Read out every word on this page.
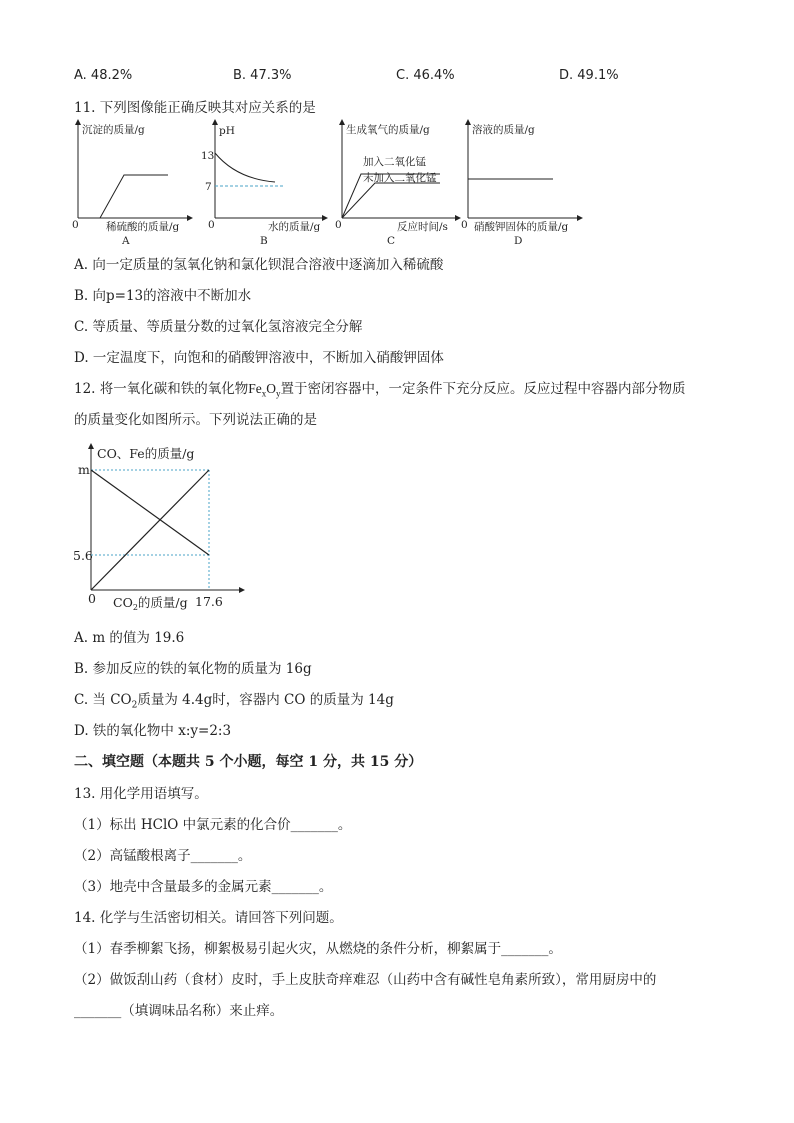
A. 48.2%	B. 47.3%	C. 46.4%	D. 49.1%
11. 下列图像能正确反映其对应关系的是
沉淀的质量/g
0	稀硫酸的质量/g
A
pH
13
7
0	水的质量/g
B
生成氧气的质量/g
加入二氧化锰
未加入二氧化锰
0	反应时间/s
C
溶液的质量/g
0 硝酸钾固体的质量/g
D
A. 向一定质量的氢氧化钠和氯化钡混合溶液中逐滴加入稀硫酸
B. 向p=13的溶液中不断加水
C. 等质量、等质量分数的过氧化氢溶液完全分解
D. 一定温度下，向饱和的硝酸钾溶液中，不断加入硝酸钾固体
12. 将一氧化碳和铁的氧化物$Fe_xO_y$置于密闭容器中，一定条件下充分反应。反应过程中容器内部分物质
的质量变化如图所示。下列说法正确的是
CO、Fe的质量/g
m
5.6
0 $CO_2$的质量/g 17.6
A. m 的值为 19.6
B. 参加反应的铁的氧化物的质量为 16g
C. 当 $CO_2$质量为 4.4g时，容器内 CO 的质量为 14g
D. 铁的氧化物中 x:y=2:3
二、填空题（本题共 5 个小题，每空 1 分，共 15 分）
13. 用化学用语填写。
（1）标出 HClO 中氯元素的化合价_______。
（2）高锰酸根离子_______。
（3）地壳中含量最多的金属元素_______。
14. 化学与生活密切相关。请回答下列问题。
（1）春季柳絮飞扬，柳絮极易引起火灾，从燃烧的条件分析，柳絮属于_______。
（2）做饭刮山药（食材）皮时，手上皮肤奇痒难忍（山药中含有碱性皂角素所致），常用厨房中的
_______（填调味品名称）来止痒。
